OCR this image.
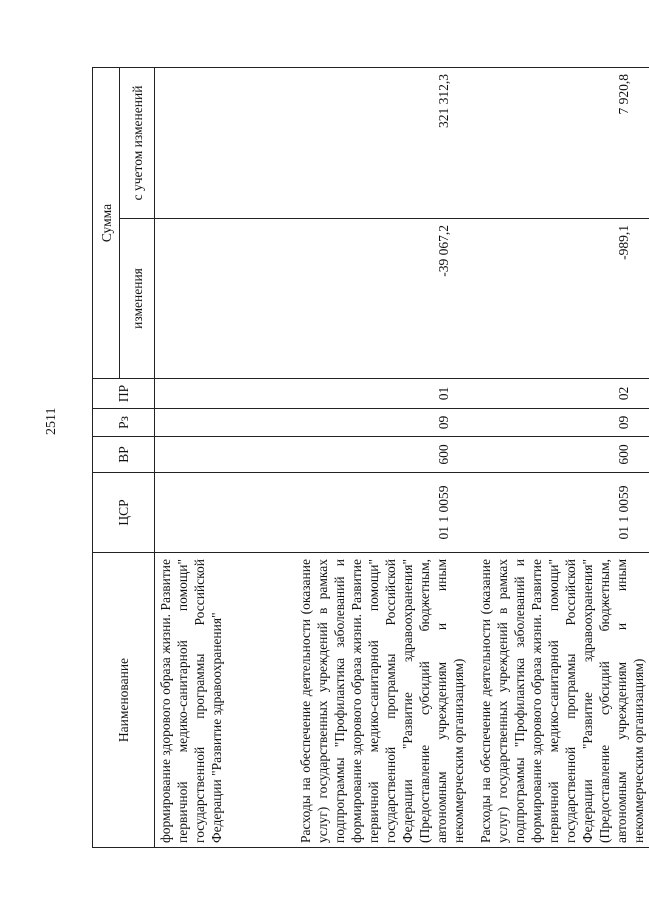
2511
Наименование	ЦСР	ВР	Рз	ПР	Сумма	
					изменения	с учетом изменений
формирование здорового образа жизни. Развитие первичной медико-санитарной помощи" государственной программы Российской Федерации "Развитие здравоохранения"						
Расходы на обеспечение деятельности (оказание услуг) государственных учреждений в рамках подпрограммы "Профилактика заболеваний и формирование здорового образа жизни. Развитие первичной медико-санитарной помощи" государственной программы Российской Федерации "Развитие здравоохранения" (Предоставление субсидий бюджетным, автономным учреждениям и иным некоммерческим организациям)	01 1 0059	600	09	01	-39 067,2	321 312,3
Расходы на обеспечение деятельности (оказание услуг) государственных учреждений в рамках подпрограммы "Профилактика заболеваний и формирование здорового образа жизни. Развитие первичной медико-санитарной помощи" государственной программы Российской Федерации "Развитие здравоохранения" (Предоставление субсидий бюджетным, автономным учреждениям и иным некоммерческим организациям)	01 1 0059	600	09	02	-989,1	7 920,8
